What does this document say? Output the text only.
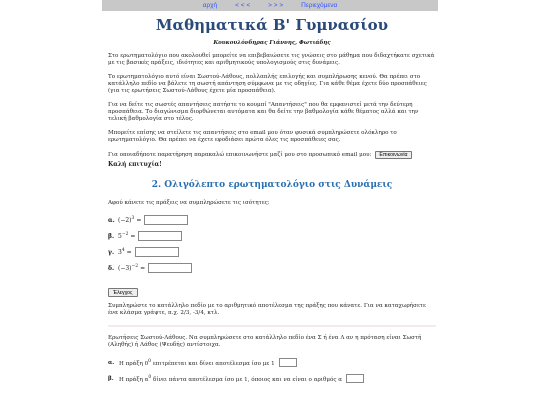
αρχή	< < <	> > >	Περιεχόμενα
Μαθηματικά Β' Γυμνασίου
Κουκουλόνδηρας Γιάννης, Φωτιάδης

Στο ερωτηματολόγιο που ακολουθεί μπορείτε να επιβεβαιώσετε τις γνώσεις στο μάθημα που διδαχτήκατε σχετικά με τις βασικές πράξεις, ιδιότητες και αριθμητικούς υπολογισμούς στις δυνάμεις.

Το ερωτηματολόγιο αυτό είναι Σωστού-Λάθους, πολλαπλής επιλογής και συμπλήρωσης κενού. Θα πρέπει στο κατάλληλο πεδίο να βάλετε τη σωστή απάντηση σύμφωνα με τις οδηγίες. Για κάθε θέμα έχετε δύο προσπάθειες (για τις ερωτήσεις Σωστού-Λάθους έχετε μία προσπάθεια).

Για να δείτε τις σωστές απαντήσεις πατήστε το κουμπί "Απαντήσεις" που θα εμφανιστεί μετά την δεύτερη προσπάθεια. Το διαγώνισμα διορθώνεται αυτόματα και θα δείτε την βαθμολογία κάθε θέματος αλλά και την τελική βαθμολογία στο τέλος.

Μπορείτε επίσης να στείλετε τις απαντήσεις στο email μου όταν φυσικά συμπληρώσετε ολόκληρο το ερωτηματολόγιο. Θα πρέπει να έχετε εφοδιάσει πρώτα όλες τις προσπάθειες σας.

Για οποιαδήποτε παρατήρηση παρακαλώ επικοινωνήστε μαζί μου στο προσωπικό email μου:	Επικοινωνία
Καλή επιτυχία!
2. Ολιγόλεπτο ερωτηματολόγιο στις Δυνάμεις
Αφού κάνετε τις πράξεις να συμπληρώσετε τις ισότητες:
α. $(-2)^3$ =
β. $5^{-2}$ =
γ. $3^4$ =
δ. $(-3)^{-2}$ =
Έλεγχος
Συμπληρώστε το κατάλληλο πεδίο με το αριθμητικό αποτέλεσμα της πράξης που κάνατε. Για να καταχωρήσετε ένα κλάσμα γράψτε, π.χ. 2/3, -3/4, κτλ.
Ερωτήσεις Σωστού-Λάθους. Να συμπληρώσετε στο κατάλληλο πεδίο ένα Σ ή ένα Λ αν η πρόταση είναι Σωστή (Αληθής) ή Λάθος (Ψευδής) αντίστοιχα.
α. Η πράξη $0^0$ επιτρέπεται και δίνει αποτέλεσμα ίσο με 1
β. Η πράξη $\alpha^0$ δίνει πάντα αποτέλεσμα ίσο με 1, όποιος και να είναι ο αριθμός α
